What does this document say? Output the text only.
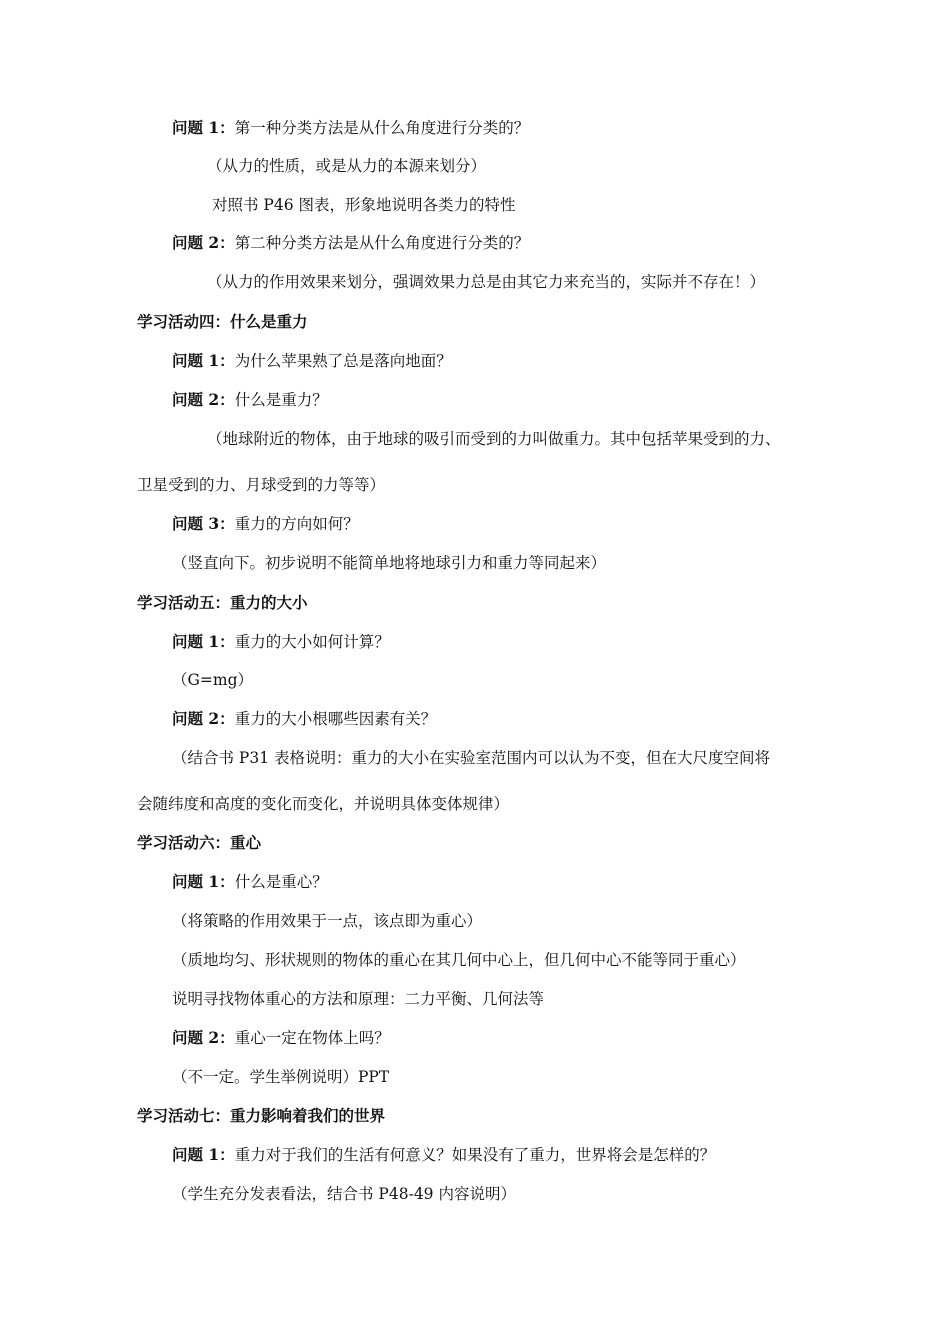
问题 1：第一种分类方法是从什么角度进行分类的？
（从力的性质，或是从力的本源来划分）
对照书 P46 图表，形象地说明各类力的特性
问题 2：第二种分类方法是从什么角度进行分类的？
（从力的作用效果来划分，强调效果力总是由其它力来充当的，实际并不存在！）
学习活动四：什么是重力
问题 1：为什么苹果熟了总是落向地面？
问题 2：什么是重力？
（地球附近的物体，由于地球的吸引而受到的力叫做重力。其中包括苹果受到的力、
卫星受到的力、月球受到的力等等）
问题 3：重力的方向如何？
（竖直向下。初步说明不能简单地将地球引力和重力等同起来）
学习活动五：重力的大小
问题 1：重力的大小如何计算？
（G=mg）
问题 2：重力的大小根哪些因素有关？
（结合书 P31 表格说明：重力的大小在实验室范围内可以认为不变，但在大尺度空间将
会随纬度和高度的变化而变化，并说明具体变体规律）
学习活动六：重心
问题 1：什么是重心？
（将策略的作用效果于一点，该点即为重心）
（质地均匀、形状规则的物体的重心在其几何中心上，但几何中心不能等同于重心）
说明寻找物体重心的方法和原理：二力平衡、几何法等
问题 2：重心一定在物体上吗？
（不一定。学生举例说明）PPT
学习活动七：重力影响着我们的世界
问题 1：重力对于我们的生活有何意义？如果没有了重力，世界将会是怎样的？
（学生充分发表看法，结合书 P48-49 内容说明）
